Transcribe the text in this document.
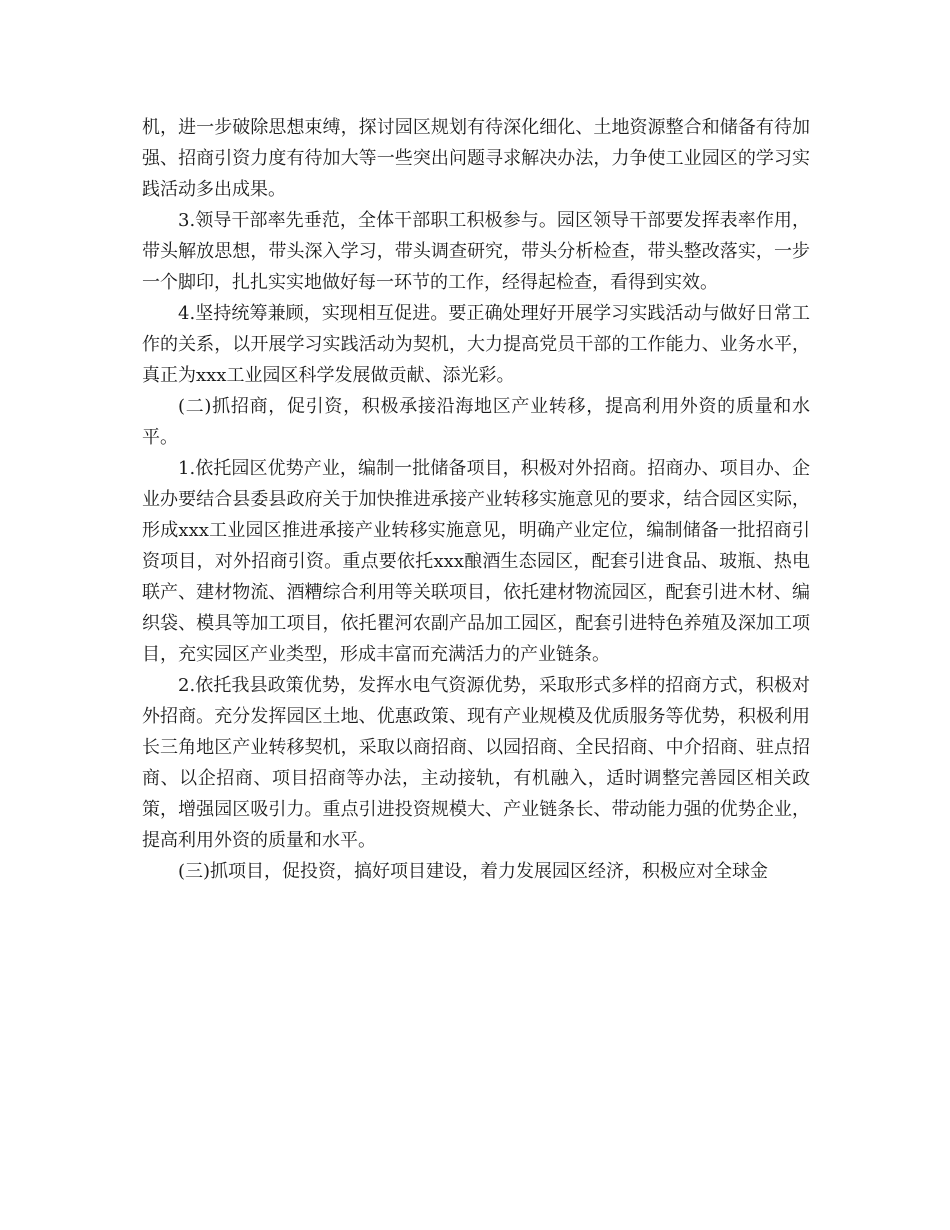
机，进一步破除思想束缚，探讨园区规划有待深化细化、土地资源整合和储备有待加强、招商引资力度有待加大等一些突出问题寻求解决办法，力争使工业园区的学习实践活动多出成果。

3.领导干部率先垂范，全体干部职工积极参与。园区领导干部要发挥表率作用，带头解放思想，带头深入学习，带头调查研究，带头分析检查，带头整改落实，一步一个脚印，扎扎实实地做好每一环节的工作，经得起检查，看得到实效。

4.坚持统筹兼顾，实现相互促进。要正确处理好开展学习实践活动与做好日常工作的关系，以开展学习实践活动为契机，大力提高党员干部的工作能力、业务水平，真正为xxx工业园区科学发展做贡献、添光彩。

(二)抓招商，促引资，积极承接沿海地区产业转移，提高利用外资的质量和水平。

1.依托园区优势产业，编制一批储备项目，积极对外招商。招商办、项目办、企业办要结合县委县政府关于加快推进承接产业转移实施意见的要求，结合园区实际，形成xxx工业园区推进承接产业转移实施意见，明确产业定位，编制储备一批招商引资项目，对外招商引资。重点要依托xxx酿酒生态园区，配套引进食品、玻瓶、热电联产、建材物流、酒糟综合利用等关联项目，依托建材物流园区，配套引进木材、编织袋、模具等加工项目，依托瞿河农副产品加工园区，配套引进特色养殖及深加工项目，充实园区产业类型，形成丰富而充满活力的产业链条。

2.依托我县政策优势，发挥水电气资源优势，采取形式多样的招商方式，积极对外招商。充分发挥园区土地、优惠政策、现有产业规模及优质服务等优势，积极利用长三角地区产业转移契机，采取以商招商、以园招商、全民招商、中介招商、驻点招商、以企招商、项目招商等办法，主动接轨，有机融入，适时调整完善园区相关政策，增强园区吸引力。重点引进投资规模大、产业链条长、带动能力强的优势企业，提高利用外资的质量和水平。

(三)抓项目，促投资，搞好项目建设，着力发展园区经济，积极应对全球金
